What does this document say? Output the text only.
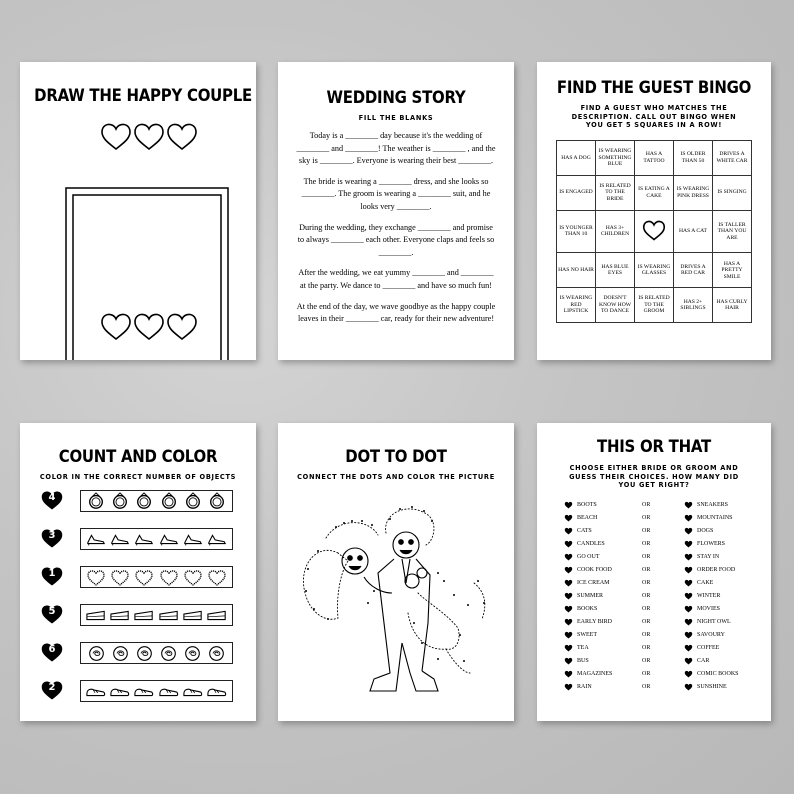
DRAW THE HAPPY COUPLE	WEDDING STORY
FILL THE BLANKS

Today is a ________ day because it's the wedding of ________ and ________! The weather is ________ , and the sky is ________. Everyone is wearing their best ________.

The bride is wearing a ________ dress, and she looks so ________. The groom is wearing a ________ suit, and he looks very ________.

During the wedding, they exchange ________ and promise to always ________ each other. Everyone claps and feels so ________.

After the wedding, we eat yummy ________ and ________ at the party. We dance to ________ and have so much fun!

At the end of the day, we wave goodbye as the happy couple leaves in their ________ car, ready for their new adventure!

FIND THE GUEST BINGO
FIND A GUEST WHO MATCHES THE DESCRIPTION. CALL OUT BINGO WHEN YOU GET 5 SQUARES IN A ROW!
HAS A DOG	IS WEARING SOMETHING BLUE	HAS A TATTOO	IS OLDER THAN 50	DRIVES A WHITE CAR
IS ENGAGED	IS RELATED TO THE BRIDE	IS EATING A CAKE	IS WEARING PINK DRESS	IS SINGING
IS YOUNGER THAN 10	HAS 3+ CHILDREN		HAS A CAT	IS TALLER THAN YOU ARE
HAS NO HAIR	HAS BLUE EYES	IS WEARING GLASSES	DRIVES A RED CAR	HAS A PRETTY SMILE
IS WEARING RED LIPSTICK	DOESN'T KNOW HOW TO DANCE	IS RELATED TO THE GROOM	HAS 2+ SIBLINGS	HAS CURLY HAIR
COUNT AND COLOR
COLOR IN THE CORRECT NUMBER OF OBJECTS
4
3
1
5
6
2
DOT TO DOT
CONNECT THE DOTS AND COLOR THE PICTURE
THIS OR THAT
CHOOSE EITHER BRIDE OR GROOM AND GUESS THEIR CHOICES. HOW MANY DID YOU GET RIGHT?
BOOTS	OR	SNEAKERS
BEACH	OR	MOUNTAINS
CATS	OR	DOGS
CANDLES	OR	FLOWERS
GO OUT	OR	STAY IN
COOK FOOD	OR	ORDER FOOD
ICE CREAM	OR	CAKE
SUMMER	OR	WINTER
BOOKS	OR	MOVIES
EARLY BIRD	OR	NIGHT OWL
SWEET	OR	SAVOURY
TEA	OR	COFFEE
BUS	OR	CAR
MAGAZINES	OR	COMIC BOOKS
RAIN	OR	SUNSHINE
